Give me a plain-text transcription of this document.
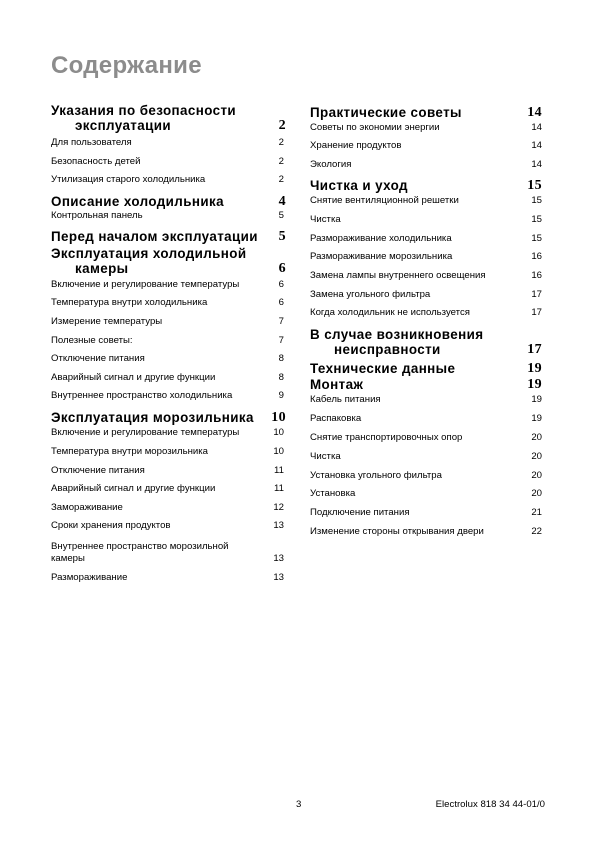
Содержание
Указания по безопасности
эксплуатации	2
Для пользователя	2
Безопасность детей	2
Утилизация старого холодильника	2
Описание холодильника	4
Контрольная панель	5
Перед началом эксплуатации 5
Эксплуатация холодильной
камеры	6
Включение и регулирование температуры	6
Температура внутри холодильника	6
Измерение температуры	7
Полезные советы:	7
Отключение питания	8
Аварийный сигнал и другие функции	8
Внутреннее пространство холодильника	9
Эксплуатация морозильника	10
Включение и регулирование температуры	10
Температура внутри морозильника	10
Отключение питания	11
Аварийный сигнал и другие функции	11
Замораживание	12
Сроки хранения продуктов	13
Внутреннее пространство морозильной камеры	13
Размораживание	13
Практические советы	14
Советы по экономии энергии	14
Хранение продуктов	14
Экология	14
Чистка и уход	15
Снятие вентиляционной решетки	15
Чистка	15
Размораживание холодильника	15
Размораживание морозильника	16
Замена лампы внутреннего освещения	16
Замена угольного фильтра	17
Когда холодильник не используется	17
В случае возникновения
неисправности	17
Технические данные	19
Монтаж	19
Кабель питания	19
Распаковка	19
Снятие транспортировочных опор	20
Чистка	20
Установка угольного фильтра	20
Установка	20
Подключение питания	21
Изменение стороны открывания двери	22
3	Electrolux 818 34 44-01/0
